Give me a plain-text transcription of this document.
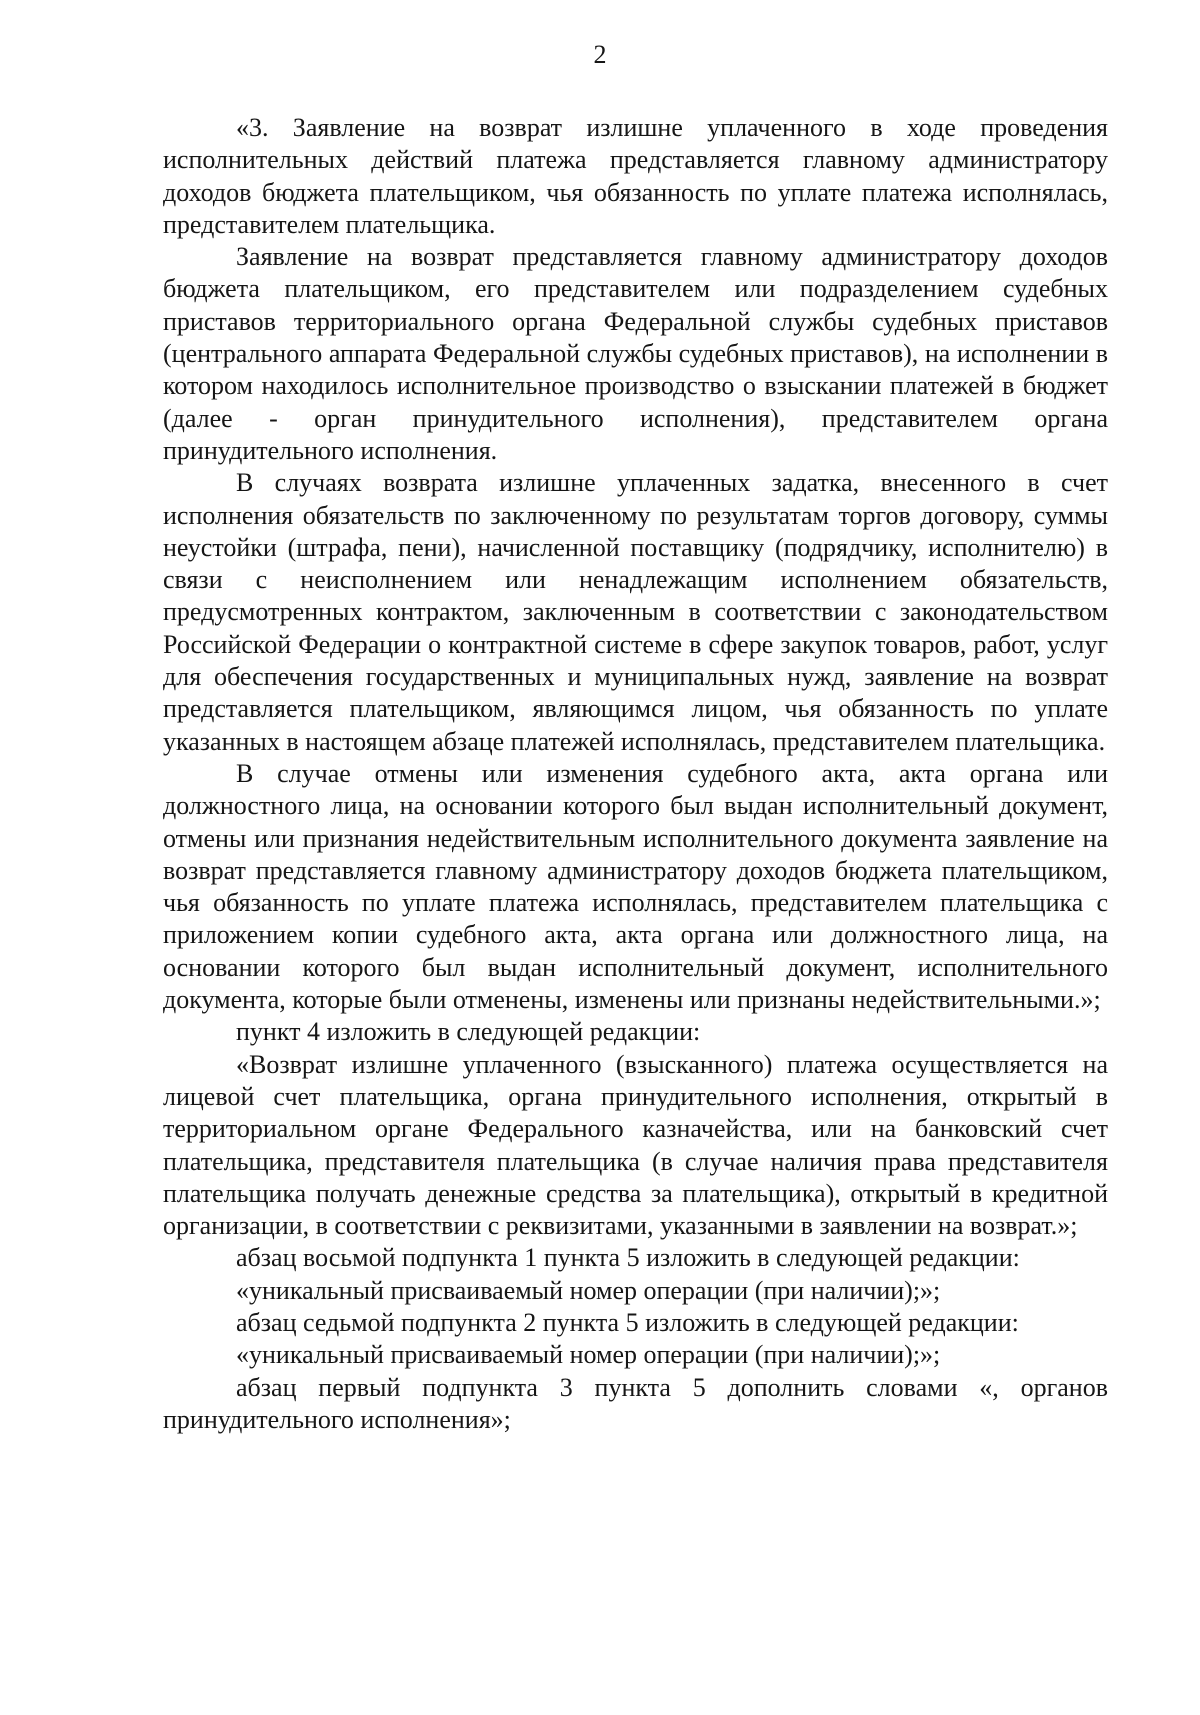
2

«3. Заявление на возврат излишне уплаченного в ходе проведения исполнительных действий платежа представляется главному администратору доходов бюджета плательщиком, чья обязанность по уплате платежа исполнялась, представителем плательщика.

Заявление на возврат представляется главному администратору доходов бюджета плательщиком, его представителем или подразделением судебных приставов территориального органа Федеральной службы судебных приставов (центрального аппарата Федеральной службы судебных приставов), на исполнении в котором находилось исполнительное производство о взыскании платежей в бюджет (далее - орган принудительного исполнения), представителем органа принудительного исполнения.

В случаях возврата излишне уплаченных задатка, внесенного в счет исполнения обязательств по заключенному по результатам торгов договору, суммы неустойки (штрафа, пени), начисленной поставщику (подрядчику, исполнителю) в связи с неисполнением или ненадлежащим исполнением обязательств, предусмотренных контрактом, заключенным в соответствии с законодательством Российской Федерации о контрактной системе в сфере закупок товаров, работ, услуг для обеспечения государственных и муниципальных нужд, заявление на возврат представляется плательщиком, являющимся лицом, чья обязанность по уплате указанных в настоящем абзаце платежей исполнялась, представителем плательщика.

В случае отмены или изменения судебного акта, акта органа или должностного лица, на основании которого был выдан исполнительный документ, отмены или признания недействительным исполнительного документа заявление на возврат представляется главному администратору доходов бюджета плательщиком, чья обязанность по уплате платежа исполнялась, представителем плательщика с приложением копии судебного акта, акта органа или должностного лица, на основании которого был выдан исполнительный документ, исполнительного документа, которые были отменены, изменены или признаны недействительными.»;

пункт 4 изложить в следующей редакции:

«Возврат излишне уплаченного (взысканного) платежа осуществляется на лицевой счет плательщика, органа принудительного исполнения, открытый в территориальном органе Федерального казначейства, или на банковский счет плательщика, представителя плательщика (в случае наличия права представителя плательщика получать денежные средства за плательщика), открытый в кредитной организации, в соответствии с реквизитами, указанными в заявлении на возврат.»;

абзац восьмой подпункта 1 пункта 5 изложить в следующей редакции:

«уникальный присваиваемый номер операции (при наличии);»;

абзац седьмой подпункта 2 пункта 5 изложить в следующей редакции:

«уникальный присваиваемый номер операции (при наличии);»;

абзац первый подпункта 3 пункта 5 дополнить словами «, органов принудительного исполнения»;
